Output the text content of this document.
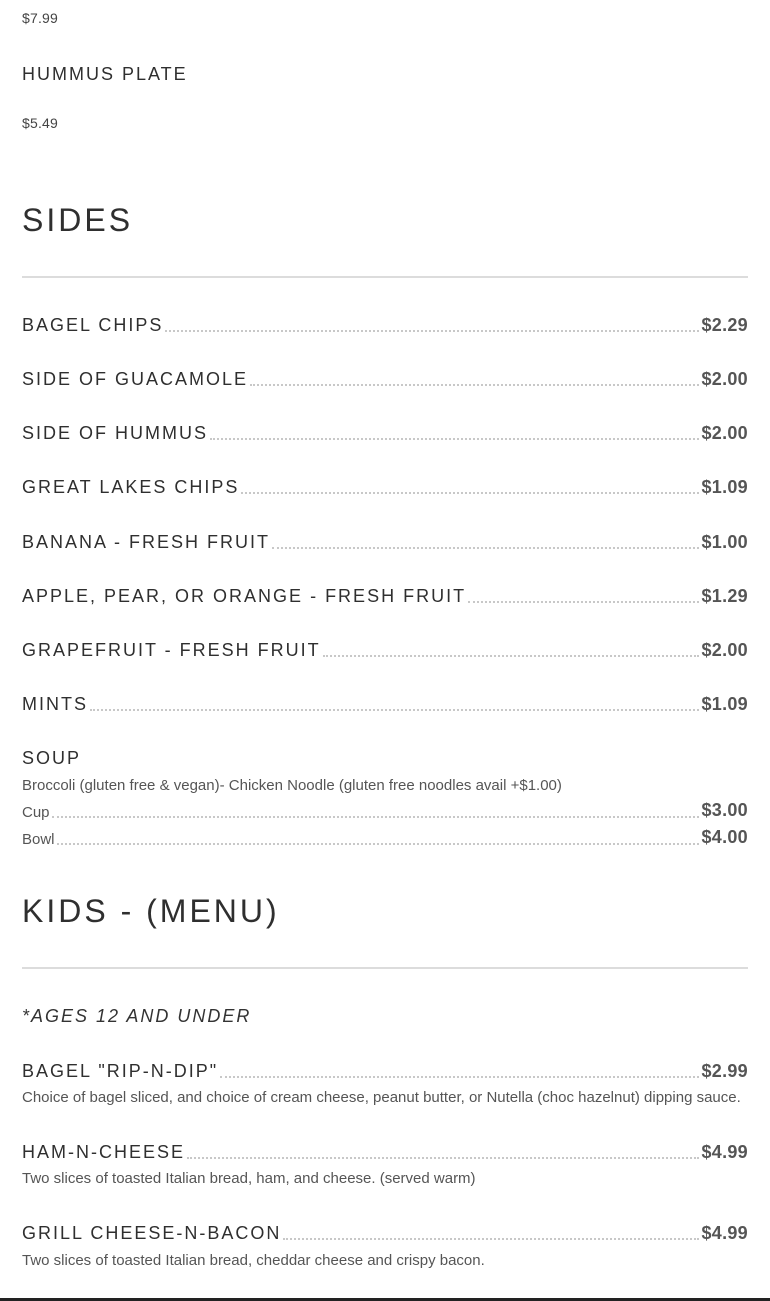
$7.99
HUMMUS PLATE
$5.49
SIDES
BAGEL CHIPS	$2.29
SIDE OF GUACAMOLE	$2.00
SIDE OF HUMMUS	$2.00
GREAT LAKES CHIPS	$1.09
BANANA - FRESH FRUIT	$1.00
APPLE, PEAR, OR ORANGE - FRESH FRUIT	$1.29
GRAPEFRUIT - FRESH FRUIT	$2.00
MINTS	$1.09
SOUP
Broccoli (gluten free & vegan)- Chicken Noodle (gluten free noodles avail +$1.00)
Cup	$3.00
Bowl	$4.00
KIDS - (MENU)
*AGES 12 AND UNDER
BAGEL "RIP-N-DIP"	$2.99
Choice of bagel sliced, and choice of cream cheese, peanut butter, or Nutella (choc hazelnut) dipping sauce.
HAM-N-CHEESE	$4.99
Two slices of toasted Italian bread, ham, and cheese. (served warm)
GRILL CHEESE-N-BACON	$4.99
Two slices of toasted Italian bread, cheddar cheese and crispy bacon.
